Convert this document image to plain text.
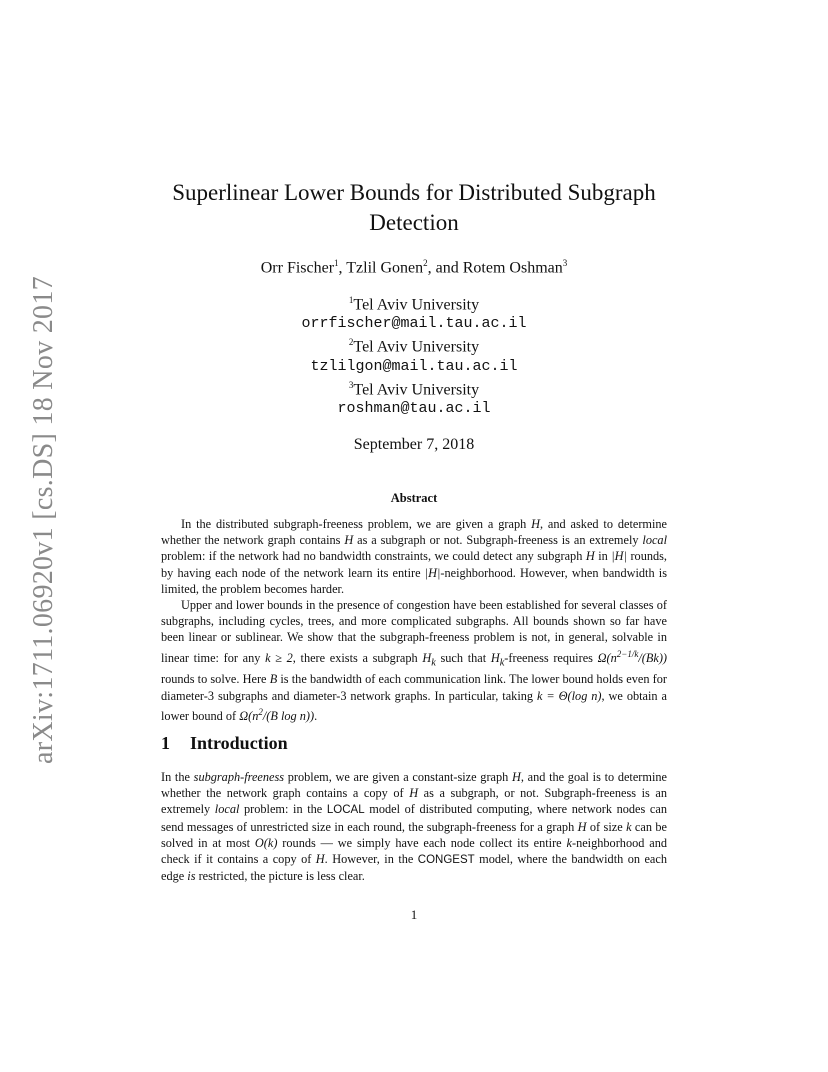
arXiv:1711.06920v1 [cs.DS] 18 Nov 2017
Superlinear Lower Bounds for Distributed Subgraph
Detection
Orr Fischer$^1$, Tzlil Gonen$^2$, and Rotem Oshman$^3$
$^1$Tel Aviv University
orrfischer@mail.tau.ac.il
$^2$Tel Aviv University
tzlilgon@mail.tau.ac.il
$^3$Tel Aviv University
roshman@tau.ac.il
September 7, 2018
Abstract

In the distributed subgraph-freeness problem, we are given a graph H, and asked to determine whether the network graph contains H as a subgraph or not. Subgraph-freeness is an extremely local problem: if the network had no bandwidth constraints, we could detect any subgraph H in |H| rounds, by having each node of the network learn its entire |H|-neighborhood. However, when bandwidth is limited, the problem becomes harder.

Upper and lower bounds in the presence of congestion have been established for several classes of subgraphs, including cycles, trees, and more complicated subgraphs. All bounds shown so far have been linear or sublinear. We show that the subgraph-freeness problem is not, in general, solvable in linear time: for any k ≥ 2, there exists a subgraph $H_k$ such that $H_k$-freeness requires $\Omega(n^{2-1/k}/(Bk))$ rounds to solve. Here B is the bandwidth of each communication link. The lower bound holds even for diameter-3 subgraphs and diameter-3 network graphs. In particular, taking k = Θ(log n), we obtain a lower bound of $\Omega(n^2/(B$ log n)).

1 Introduction

In the subgraph-freeness problem, we are given a constant-size graph H, and the goal is to determine whether the network graph contains a copy of H as a subgraph, or not. Subgraph-freeness is an extremely local problem: in the LOCAL model of distributed computing, where network nodes can send messages of unrestricted size in each round, the subgraph-freeness for a graph H of size k can be solved in at most O(k) rounds — we simply have each node collect its entire k-neighborhood and check if it contains a copy of H. However, in the CONGEST model, where the bandwidth on each edge is restricted, the picture is less clear.

1
